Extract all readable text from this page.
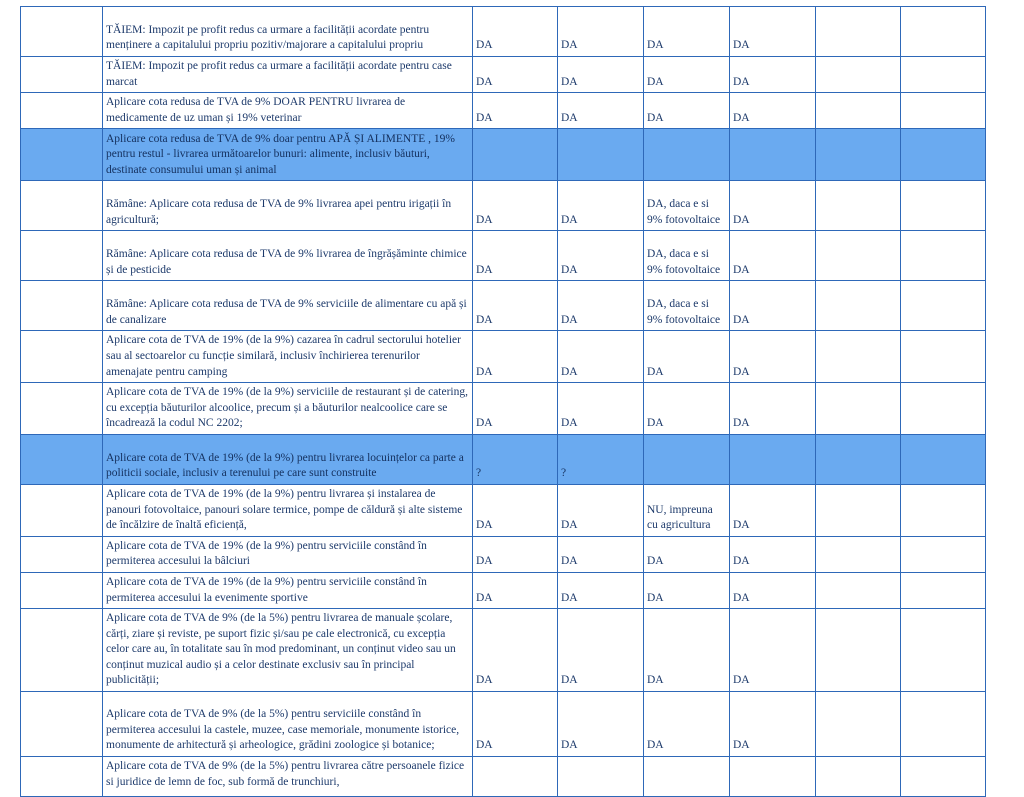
	TĂIEM: Impozit pe profit redus ca urmare a facilității acordate pentru menținere a capitalului propriu pozitiv/majorare a capitalului propriu	DA	DA	DA	DA		
	TĂIEM: Impozit pe profit redus ca urmare a facilității acordate pentru case marcat	DA	DA	DA	DA		
	Aplicare cota redusa de TVA de 9% DOAR PENTRU livrarea de medicamente de uz uman și 19% veterinar	DA	DA	DA	DA		
	Aplicare cota redusa de TVA de 9% doar pentru APĂ ȘI ALIMENTE , 19% pentru restul - livrarea următoarelor bunuri: alimente, inclusiv băuturi, destinate consumului uman și animal						
	Rămâne: Aplicare cota redusa de TVA de 9% livrarea apei pentru irigații în agricultură;	DA	DA	DA, daca e si 9% fotovoltaice	DA		
	Rămâne: Aplicare cota redusa de TVA de 9% livrarea de îngrășăminte chimice și de pesticide	DA	DA	DA, daca e si 9% fotovoltaice	DA		
	Rămâne: Aplicare cota redusa de TVA de 9% serviciile de alimentare cu apă și de canalizare	DA	DA	DA, daca e si 9% fotovoltaice	DA		
	Aplicare cota de TVA de 19% (de la 9%) cazarea în cadrul sectorului hotelier sau al sectoarelor cu funcție similară, inclusiv închirierea terenurilor amenajate pentru camping	DA	DA	DA	DA		
	Aplicare cota de TVA de 19% (de la 9%) serviciile de restaurant și de catering, cu excepția băuturilor alcoolice, precum și a băuturilor nealcoolice care se încadrează la codul NC 2202;	DA	DA	DA	DA		
	Aplicare cota de TVA de 19% (de la 9%) pentru livrarea locuințelor ca parte a politicii sociale, inclusiv a terenului pe care sunt construite	?	?				
	Aplicare cota de TVA de 19% (de la 9%) pentru livrarea și instalarea de panouri fotovoltaice, panouri solare termice, pompe de căldură și alte sisteme de încălzire de înaltă eficiență,	DA	DA	NU, impreuna cu agricultura	DA		
	Aplicare cota de TVA de 19% (de la 9%) pentru serviciile constând în permiterea accesului la bâlciuri	DA	DA	DA	DA		
	Aplicare cota de TVA de 19% (de la 9%) pentru serviciile constând în permiterea accesului la evenimente sportive	DA	DA	DA	DA		
	Aplicare cota de TVA de 9% (de la 5%) pentru livrarea de manuale școlare, cărți, ziare și reviste, pe suport fizic și/sau pe cale electronică, cu excepția celor care au, în totalitate sau în mod predominant, un conținut video sau un conținut muzical audio și a celor destinate exclusiv sau în principal publicității;	DA	DA	DA	DA		
	Aplicare cota de TVA de 9% (de la 5%) pentru serviciile constând în permiterea accesului la castele, muzee, case memoriale, monumente istorice, monumente de arhitectură și arheologice, grădini zoologice și botanice;	DA	DA	DA	DA		
	Aplicare cota de TVA de 9% (de la 5%) pentru livrarea către persoanele fizice si juridice de lemn de foc, sub formă de trunchiuri,						
